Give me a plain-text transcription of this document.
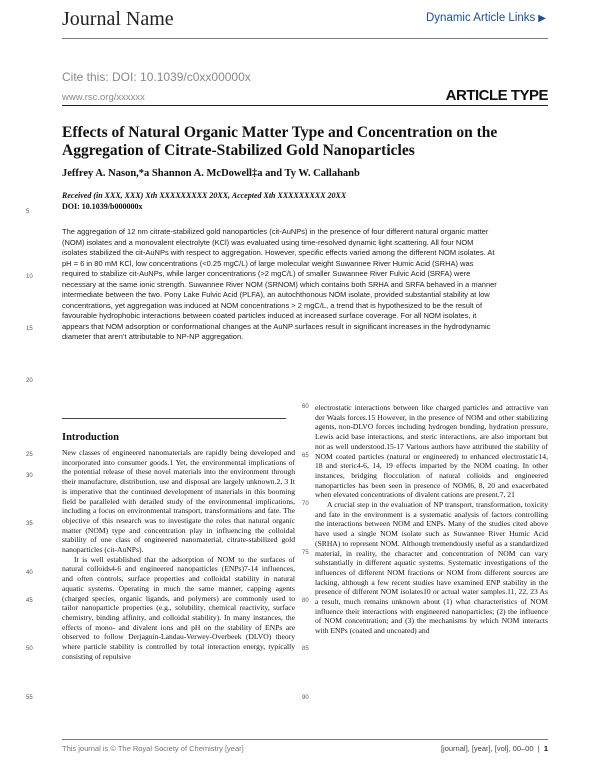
Journal Name	Dynamic Article Links ▶
Cite this: DOI: 10.1039/c0xx00000x
www.rsc.org/xxxxxx	ARTICLE TYPE
Effects of Natural Organic Matter Type and Concentration on the Aggregation of Citrate-Stabilized Gold Nanoparticles
Jeffrey A. Nason,*a Shannon A. McDowell‡a and Ty W. Callahanb
Received (in XXX, XXX) Xth XXXXXXXXX 20XX, Accepted Xth XXXXXXXXX 20XX
DOI: 10.1039/b000000x
5
10
15
20
25
30
35
40
45
50
55
60
65
70
75
80
85
90
The aggregation of 12 nm citrate-stabilized gold nanoparticles (cit-AuNPs) in the presence of four different natural organic matter (NOM) isolates and a monovalent electrolyte (KCl) was evaluated using time-resolved dynamic light scattering. All four NOM isolates stabilized the cit-AuNPs with respect to aggregation. However, specific effects varied among the different NOM isolates. At pH = 6 in 80 mM KCl, low concentrations (<0.25 mgC/L) of large molecular weight Suwannee River Humic Acid (SRHA) was required to stabilize cit-AuNPs, while larger concentrations (>2 mgC/L) of smaller Suwannee River Fulvic Acid (SRFA) were necessary at the same ionic strength. Suwannee River NOM (SRNOM) which contains both SRHA and SRFA behaved in a manner intermediate between the two. Pony Lake Fulvic Acid (PLFA), an autochthonous NOM isolate, provided substantial stability at low concentrations, yet aggregation was induced at NOM concentrations > 2 mgC/L, a trend that is hypothesized to be the result of favourable hydrophobic interactions between coated particles induced at increased surface coverage. For all NOM isolates, it appears that NOM adsorption or conformational changes at the AuNP surfaces result in significant increases in the hydrodynamic diameter that aren’t attributable to NP-NP aggregation.
Introduction

New classes of engineered nanomaterials are rapidly being developed and incorporated into consumer goods.1 Yet, the environmental implications of the potential release of these novel materials into the environment through their manufacture, distribution, use and disposal are largely unknown.2, 3 It is imperative that the continued development of materials in this booming field be paralleled with detailed study of the environmental implications, including a focus on environmental transport, transformations and fate. The objective of this research was to investigate the roles that natural organic matter (NOM) type and concentration play in influencing the colloidal stability of one class of engineered nanomaterial, citrate-stabilized gold nanoparticles (cit-AuNPs).

It is well established that the adsorption of NOM to the surfaces of natural colloids4-6 and engineered nanoparticles (ENPs)7-14 influences, and often controls, surface properties and colloidal stability in natural aquatic systems. Operating in much the same manner, capping agents (charged species, organic ligands, and polymers) are commonly used to tailor nanoparticle properties (e.g., solubility, chemical reactivity, surface chemistry, binding affinity, and colloidal stability). In many instances, the effects of mono- and divalent ions and pH on the stability of ENPs are observed to follow Derjaguin-Landau-Verwey-Overbeek (DLVO) theory where particle stability is controlled by total interaction energy, typically consisting of repulsive

electrostatic interactions between like charged particles and attractive van der Waals forces.15 However, in the presence of NOM and other stabilizing agents, non-DLVO forces including hydrogen bonding, hydration pressure, Lewis acid base interactions, and steric interactions, are also important but not as well understood.15-17 Various authors have attributed the stability of NOM coated particles (natural or engineered) to enhanced electrostatic14, 18 and steric4-6, 14, 19 effects imparted by the NOM coating. In other instances, bridging flocculation of natural colloids and engineered nanoparticles has been seen in presence of NOM6, 8, 20 and exacerbated when elevated concentrations of divalent cations are present.7, 21

A crucial step in the evaluation of NP transport, transformation, toxicity and fate in the environment is a systematic analysis of factors controlling the interactions between NOM and ENPs. Many of the studies cited above have used a single NOM isolate such as Suwannee River Humic Acid (SRHA) to represent NOM. Although tremendously useful as a standardized material, in reality, the character and concentration of NOM can vary substantially in different aquatic systems. Systematic investigations of the influences of different NOM fractions or NOM from different sources are lacking, although a few recent studies have examined ENP stability in the presence of different NOM isolates10 or actual water samples.11, 22, 23 As a result, much remains unknown about (1) what characteristics of NOM influence their interactions with engineered nanoparticles; (2) the influence of NOM concentration; and (3) the mechanisms by which NOM interacts with ENPs (coated and uncoated) and

This journal is © The Royal Society of Chemistry [year]	[journal], [year], [vol], 00–00  |  1
